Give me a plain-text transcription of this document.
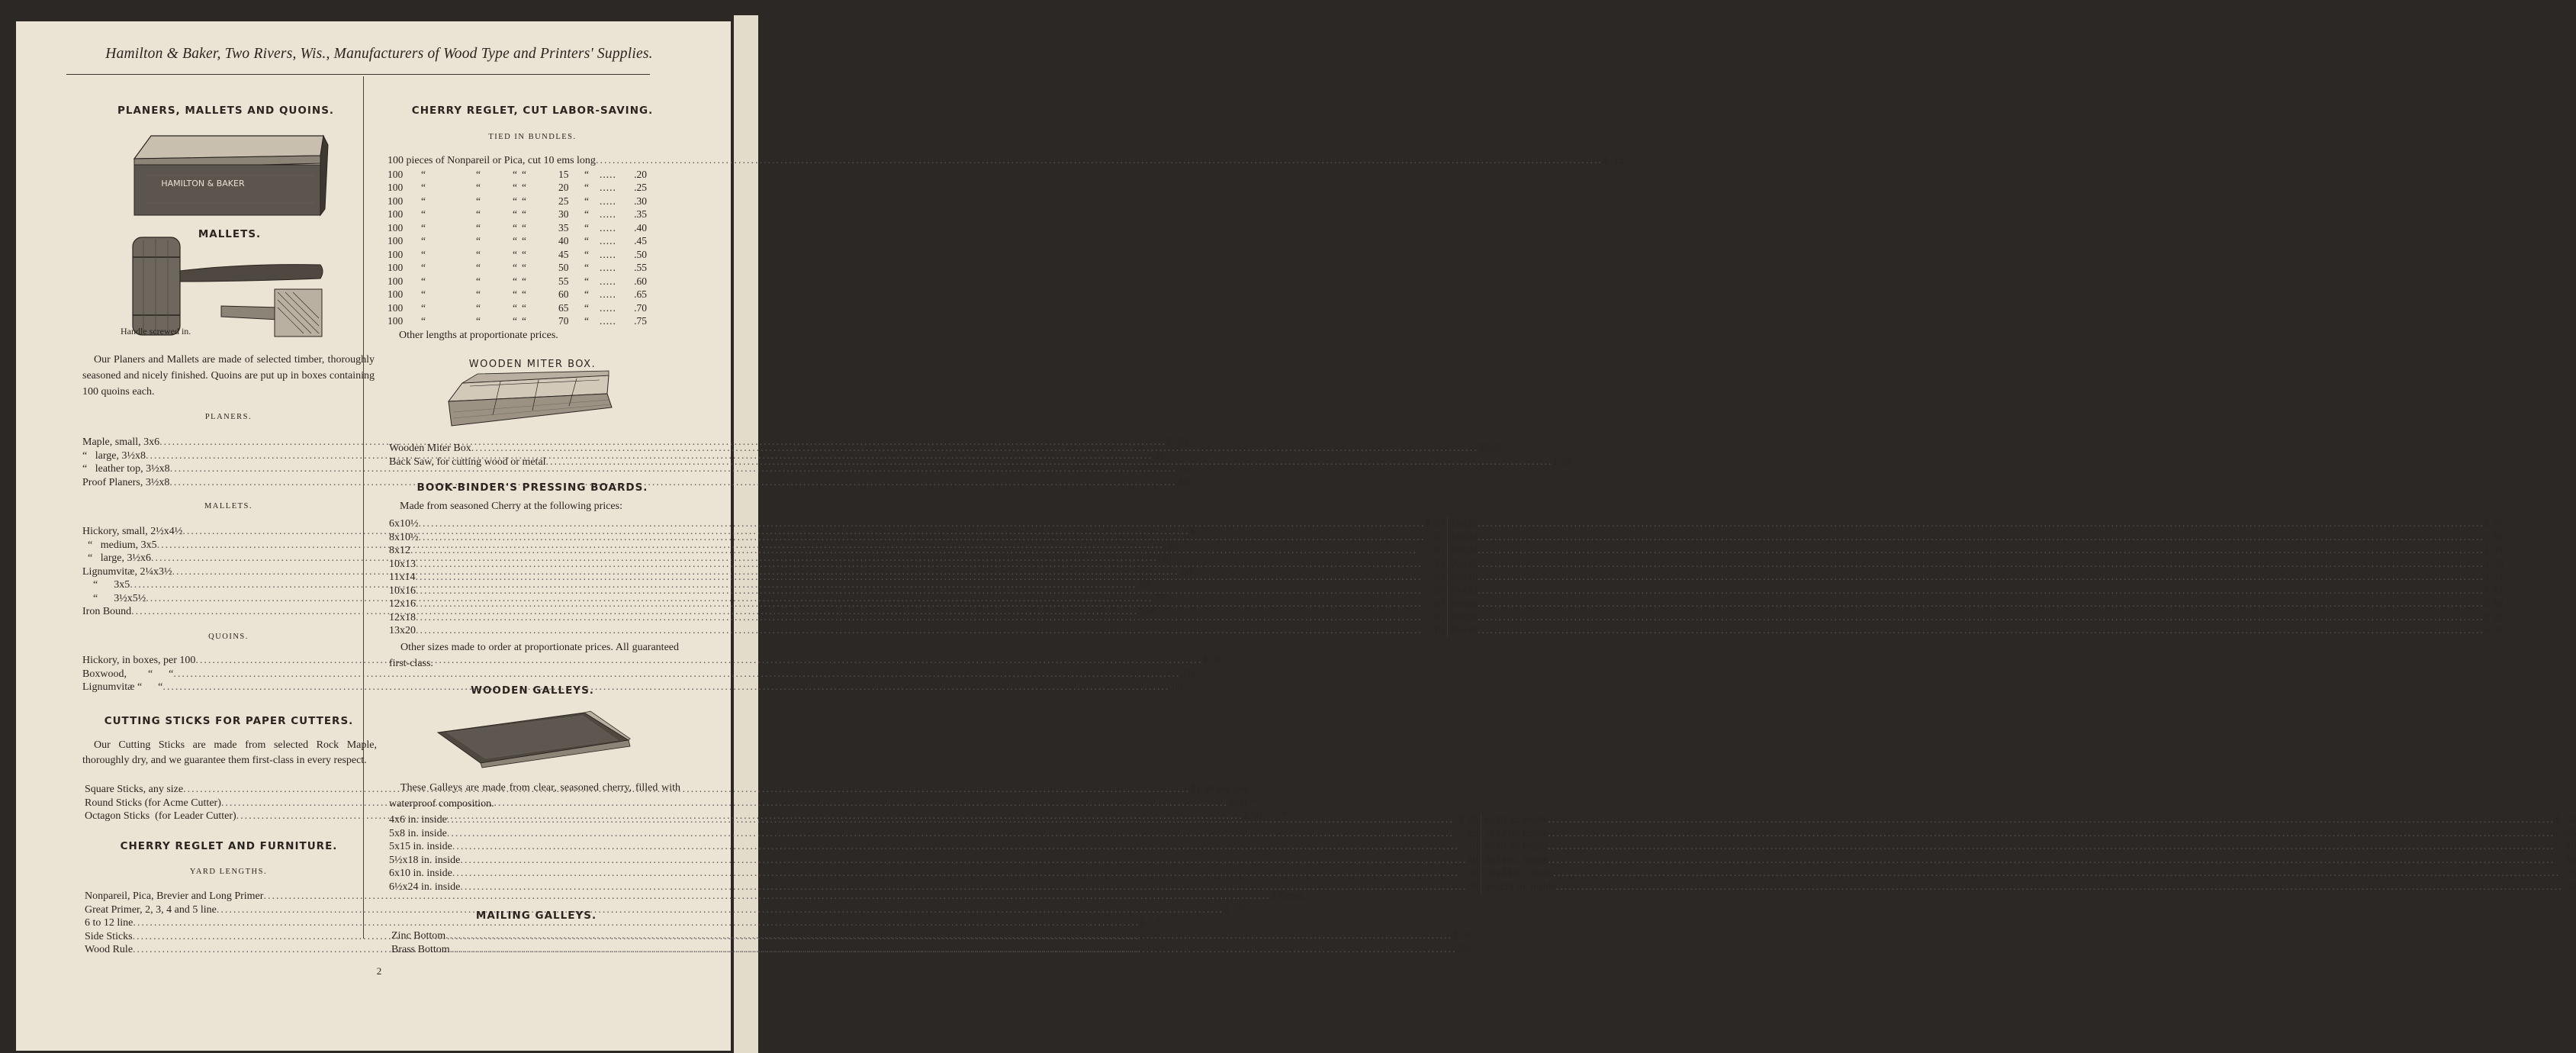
Hamilton & Baker, Two Rivers, Wis., Manufacturers of Wood Type and Printers' Supplies.
PLANERS, MALLETS AND QUOINS.
HAMILTON & BAKER
MALLETS.
Handle screwed in.

Our Planers and Mallets are made of selected timber, thoroughly seasoned and nicely finished. Quoins are put up in boxes containing 100 quoins each.

PLANERS.
Maple, small, 3x6 .....	$ .25
“   large, 3½x8 .....	.30
“   leather top, 3½x8 .....	.40
Proof Planers, 3½x8 .....	.60
MALLETS.
Hickory, small, 2½x4½ .....	$ .25
“   medium, 3x5 .....	.30
“   large, 3½x6 .....	.40
Lignumvitæ, 2¼x3½ .....	.50
“      3x5 .....	.60
“      3½x5½ .....	.75
Iron Bound .....	1.00
QUOINS.
Hickory, in boxes, per 100 .....	$ .40
Boxwood,        “      “ .....	.60
Lignumvitæ “      “ .....	.80
CUTTING STICKS FOR PAPER CUTTERS.

Our Cutting Sticks are made from selected Rock Maple, thoroughly dry, and we guarantee them first-class in every respect.

Square Sticks, any size .....	$1.50 per doz.
Round Sticks (for Acme Cutter) .....	2.50  “    “
Octagon Sticks  (for Leader Cutter) .....	2.50  “    “
CHERRY REGLET AND FURNITURE.
YARD LENGTHS.
Nonpareil, Pica, Brevier and Long Primer .....	2 Cents.
Great Primer, 2, 3, 4 and 5 line .....	3    “
6 to 12 line .....	6    “
Side Sticks .....	6    “
Wood Rule .....	12    “
CHERRY REGLET, CUT LABOR-SAVING.
TIED IN BUNDLES.
100 pieces of Nonpareil or Pica, cut 10 ems long .....	$ .15
100	“	“	“ “	15	“	.....	.20
100	“	“	“ “	20	“	.....	.25
100	“	“	“ “	25	“	.....	.30
100	“	“	“ “	30	“	.....	.35
100	“	“	“ “	35	“	.....	.40
100	“	“	“ “	40	“	.....	.45
100	“	“	“ “	45	“	.....	.50
100	“	“	“ “	50	“	.....	.55
100	“	“	“ “	55	“	.....	.60
100	“	“	“ “	60	“	.....	.65
100	“	“	“ “	65	“	.....	.70
100	“	“	“ “	70	“	.....	.75
Other lengths at proportionate prices.
WOODEN MITER BOX.
Wooden Miter Box .....	$0.50
Back Saw, for cutting wood or metal .....	1.25
BOOK-BINDER'S PRESSING BOARDS.
Made from seasoned Cherry at the following prices:
6x10½ .....	$ 20
8x10½ .....	25
8x12 .....	30
10x13 .....	35
11x14 .....	45
10x16 .....	55
12x16 .....	60
12x18 .....	60
13x20 .....	70
15x20 .....	$ 75
16x24 .....	95
20x24 .....	1 05
22x28 .....	1 30
24x30 .....	1 35
24x32 .....	1 45
26x40 .....	2 80
30x36 .....	3 25
36x44 .....	4 50

Other sizes made to order at proportionate prices. All guaranteed first-class.

WOODEN GALLEYS.

These Galleys are made from clear, seasoned cherry, filled with waterproof composition.

4x6 in. inside .....	$ 20
5x8 in. inside .....	25
5x15 in. inside .....	30
5½x18 in. inside .....	40
6x10 in. inside .....	30
6½x24 in. inside .....	60
6x20 in. inside .....	$  50
7x22 in. inside .....	55
8x10 in. inside .....	40
8x24 in. inside .....	60
10x24 in. inside .....	75
3½x24 in. inside .....	50
MAILING GALLEYS.
Zinc Bottom .....	$ .50
Brass Bottom .....	.75
2
